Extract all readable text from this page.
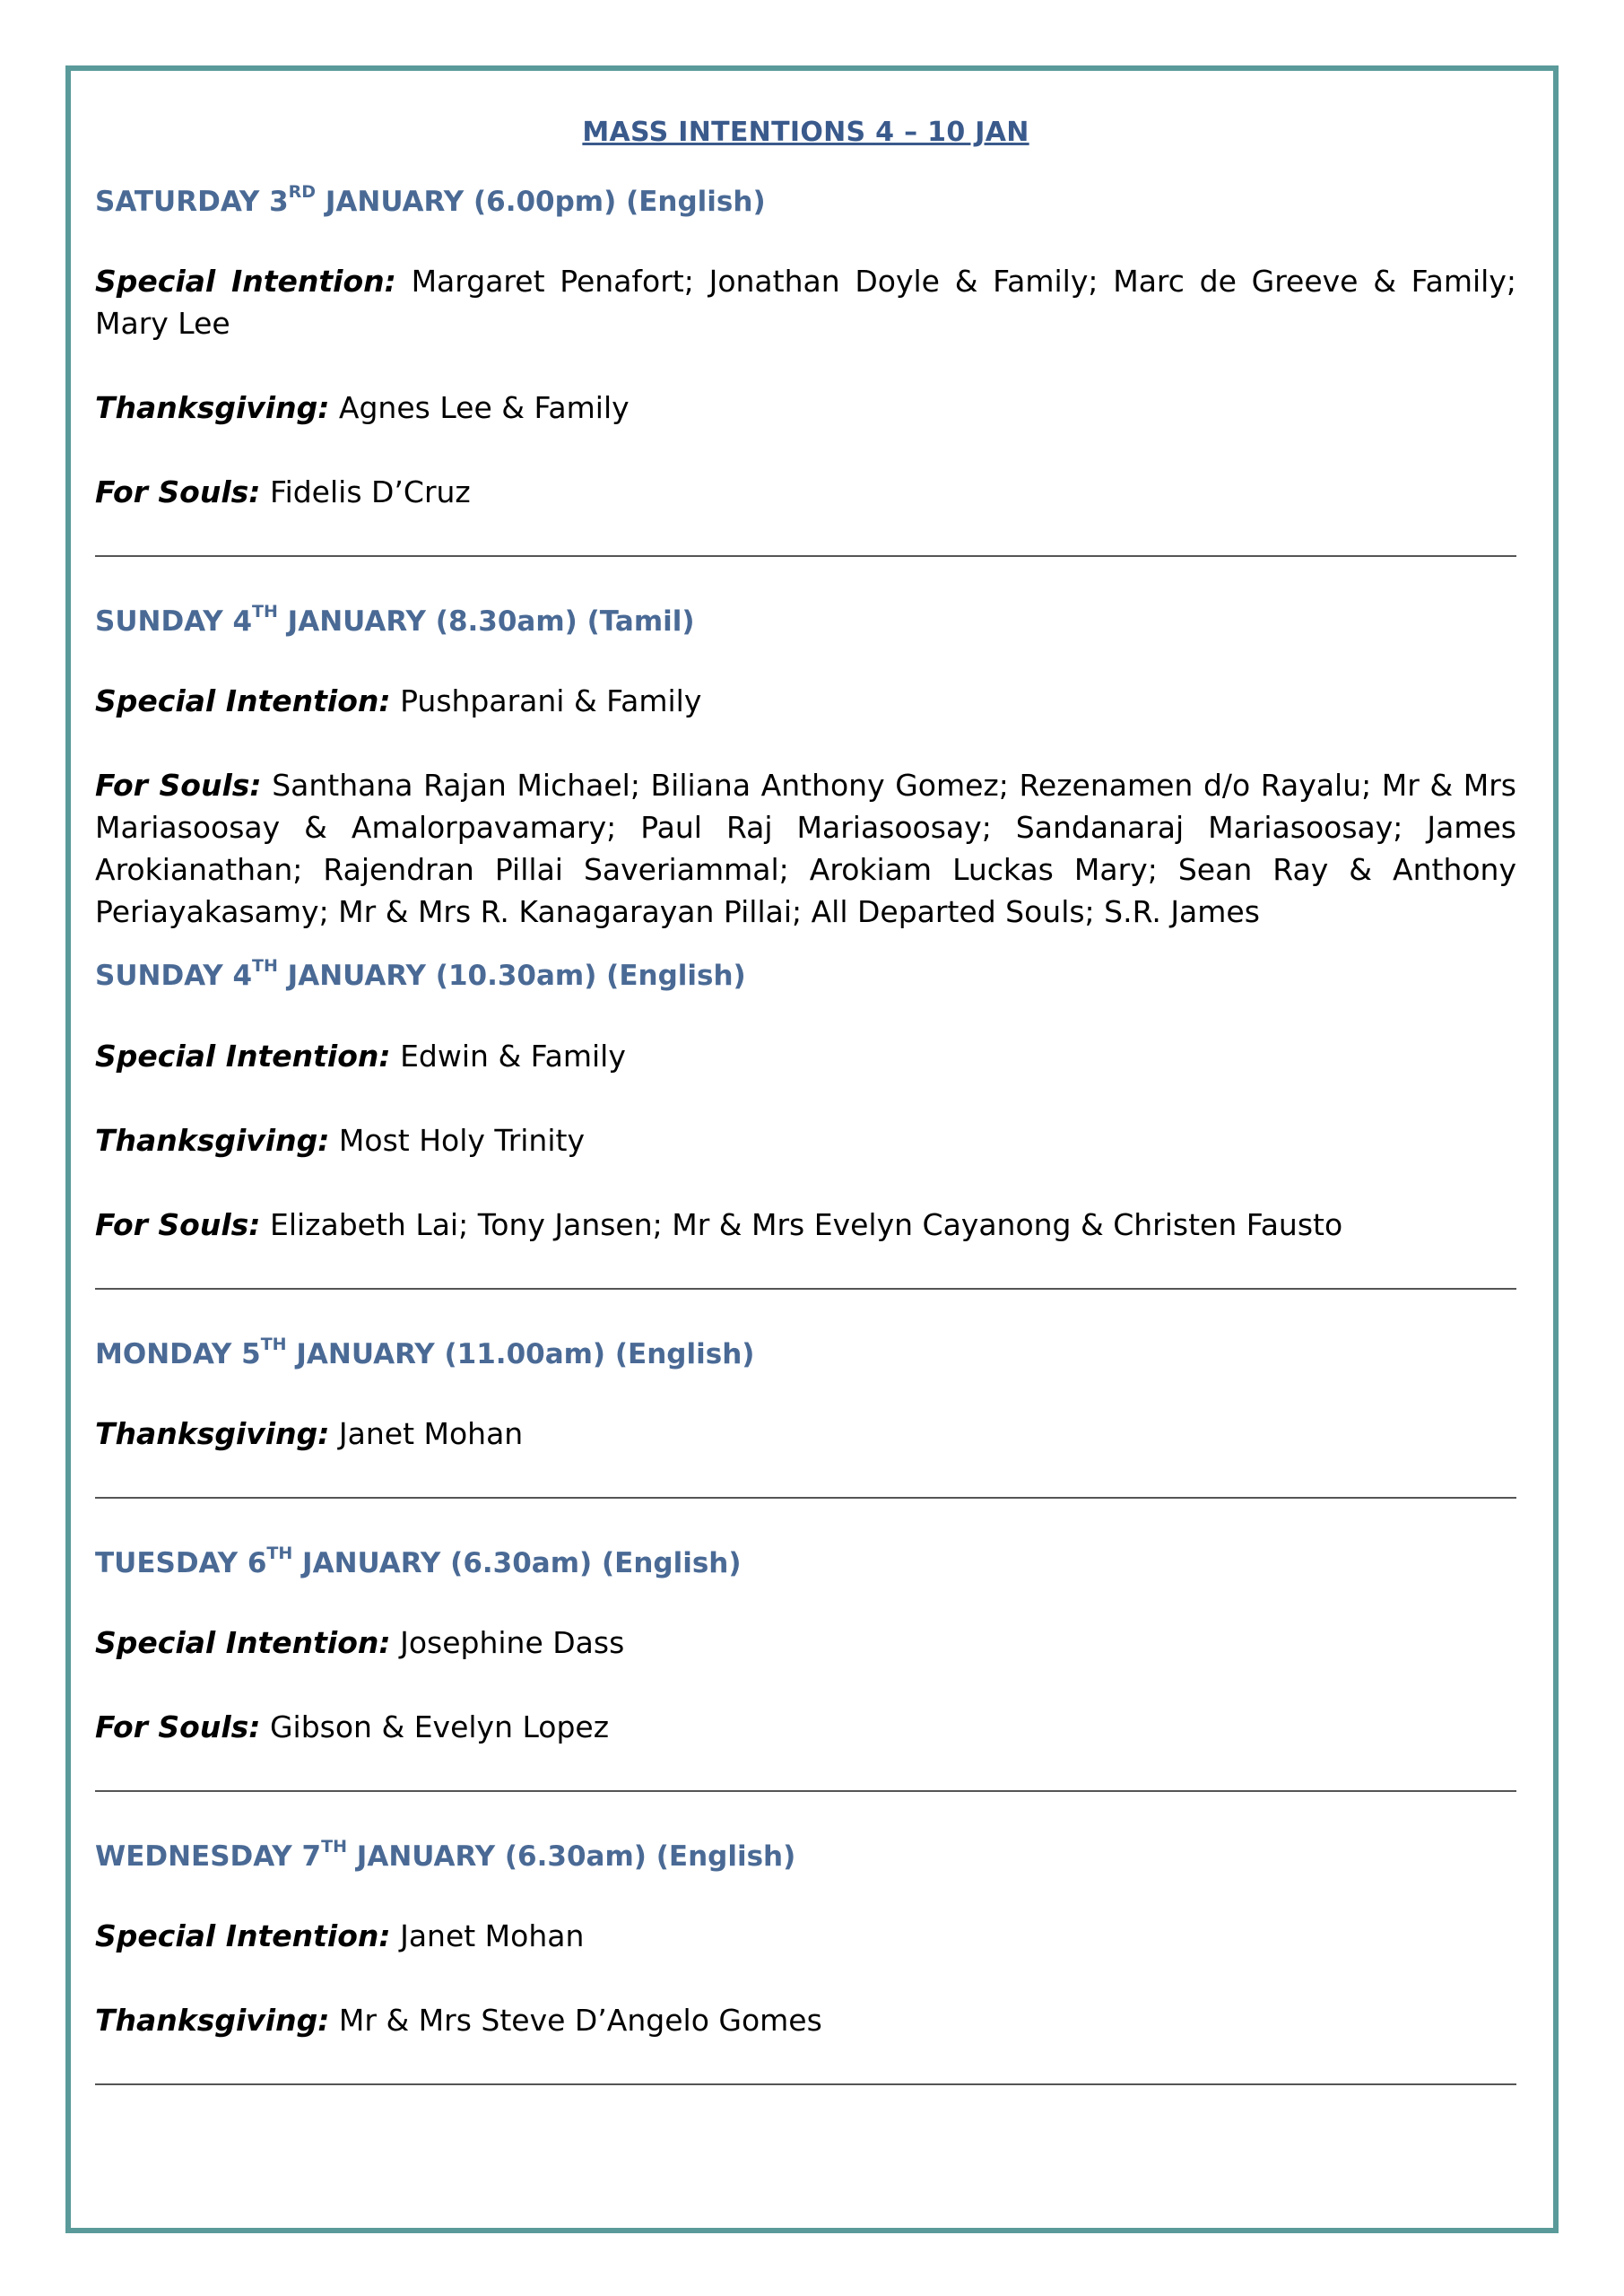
MASS INTENTIONS 4 – 10 JAN
SATURDAY 3RD JANUARY (6.00pm) (English)

Special Intention: Margaret Penafort; Jonathan Doyle & Family; Marc de Greeve & Family; Mary Lee

Thanksgiving: Agnes Lee & Family

For Souls: Fidelis D’Cruz

SUNDAY 4TH JANUARY (8.30am) (Tamil)

Special Intention: Pushparani & Family

For Souls: Santhana Rajan Michael; Biliana Anthony Gomez; Rezenamen d/o Rayalu; Mr & Mrs Mariasoosay & Amalorpavamary; Paul Raj Mariasoosay; Sandanaraj Mariasoosay; James Arokianathan; Rajendran Pillai Saveriammal; Arokiam Luckas Mary; Sean Ray & Anthony Periayakasamy; Mr & Mrs R. Kanagarayan Pillai; All Departed Souls; S.R. James

SUNDAY 4TH JANUARY (10.30am) (English)

Special Intention: Edwin & Family

Thanksgiving: Most Holy Trinity

For Souls: Elizabeth Lai; Tony Jansen; Mr & Mrs Evelyn Cayanong & Christen Fausto

MONDAY 5TH JANUARY (11.00am) (English)

Thanksgiving: Janet Mohan

TUESDAY 6TH JANUARY (6.30am) (English)

Special Intention: Josephine Dass

For Souls: Gibson & Evelyn Lopez

WEDNESDAY 7TH JANUARY (6.30am) (English)

Special Intention: Janet Mohan

Thanksgiving: Mr & Mrs Steve D’Angelo Gomes
